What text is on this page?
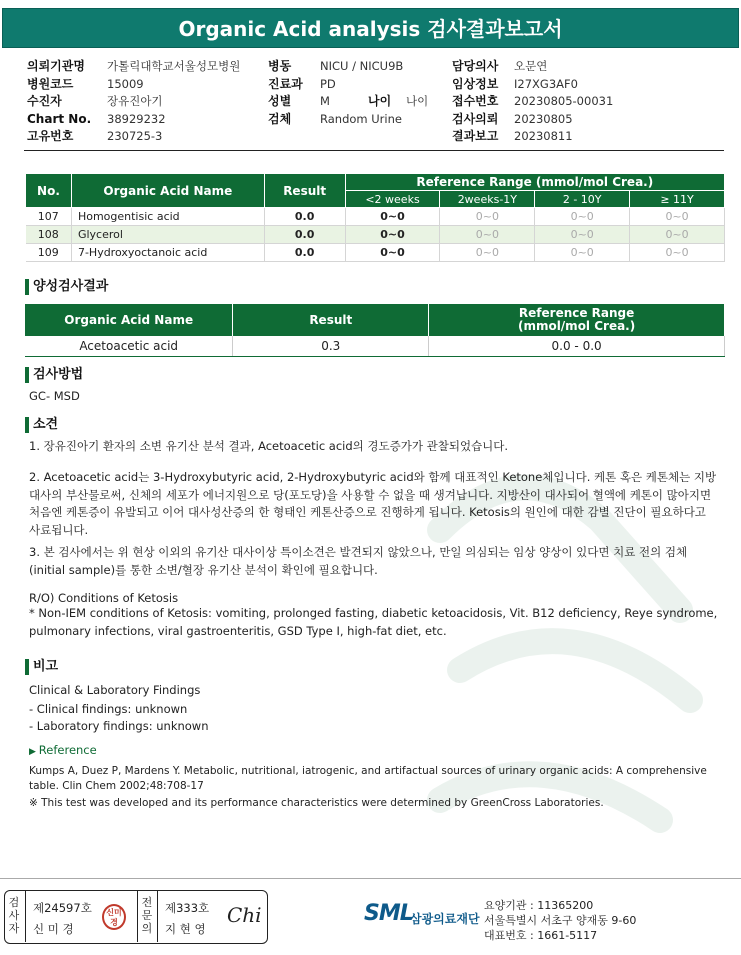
Organic Acid analysis 검사결과보고서
의뢰기관명 가톨릭대학교서울성모병원
병원코드	15009
수진자	장유진아기
Chart No. 38929232
고유번호	230725-3
병동	NICU / NICU9B
진료과 PD
성별	M	나이 나이
검체	Random Urine
담당의사 오문연
임상정보 I27XG3AF0
접수번호 20230805-00031
검사의뢰 20230805
결과보고 20230811
No.	Organic Acid Name	Result	Reference Range (mmol/mol Crea.)			
			<2 weeks	2weeks-1Y	2 - 10Y	≥ 11Y
107	Homogentisic acid	0.0	0~0	0~0	0~0	0~0
108	Glycerol	0.0	0~0	0~0	0~0	0~0
109	7-Hydroxyoctanoic acid	0.0	0~0	0~0	0~0	0~0
양성검사결과
Organic Acid Name	Result	Reference Range
(mmol/mol Crea.)
Acetoacetic acid	0.3	0.0 - 0.0
검사방법
GC- MSD
소견
1. 장유진아기 환자의 소변 유기산 분석 결과, Acetoacetic acid의 경도증가가 관찰되었습니다.
2. Acetoacetic acid는 3-Hydroxybutyric acid, 2-Hydroxybutyric acid와 함께 대표적인 Ketone체입니다. 케톤 혹은 케톤체는 지방 대사의 부산물로써, 신체의 세포가 에너지원으로 당(포도당)을 사용할 수 없을 때 생겨납니다. 지방산이 대사되어 혈액에 케톤이 많아지면 처음엔 케톤증이 유발되고 이어 대사성산증의 한 형태인 케톤산증으로 진행하게 됩니다. Ketosis의 원인에 대한 감별 진단이 필요하다고 사료됩니다.
3. 본 검사에서는 위 현상 이외의 유기산 대사이상 특이소견은 발견되지 않았으나, 만일 의심되는 임상 양상이 있다면 치료 전의 검체(initial sample)를 통한 소변/혈장 유기산 분석이 확인에 필요합니다.
R/O) Conditions of Ketosis
* Non-IEM conditions of Ketosis: vomiting, prolonged fasting, diabetic ketoacidosis, Vit. B12 deficiency, Reye syndrome, pulmonary infections, viral gastroenteritis, GSD Type I, high-fat diet, etc.
비고
Clinical & Laboratory Findings
- Clinical findings: unknown
- Laboratory findings: unknown
▶ Reference
Kumps A, Duez P, Mardens Y. Metabolic, nutritional, iatrogenic, and artifactual sources of urinary organic acids: A comprehensive table. Clin Chem 2002;48:708-17
※ This test was developed and its performance characteristics were determined by GreenCross Laboratories.
검사자
제24597호
신 미 경
신미경
전문의
제333호
지 현 영
Chi	SML
삼광의료재단
요양기관 : 11365200
서울특별시 서초구 양재동 9-60
대표번호 : 1661-5117
